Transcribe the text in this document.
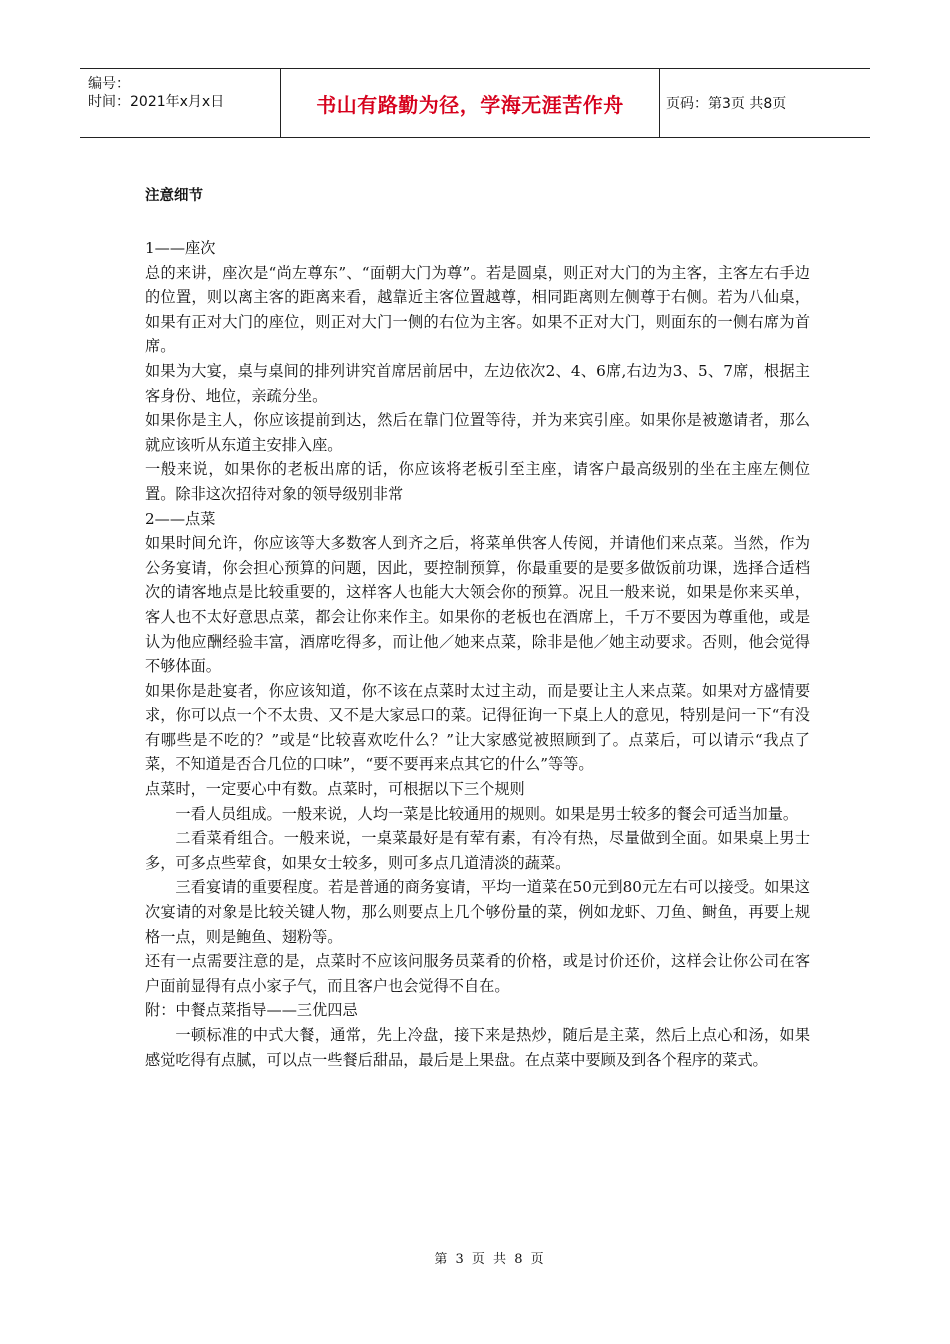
编号：
时间：2021年x月x日	书山有路勤为径，学海无涯苦作舟	页码：第3页 共8页
注意细节

1——座次

总的来讲，座次是“尚左尊东”、“面朝大门为尊”。若是圆桌，则正对大门的为主客，主客左右手边的位置，则以离主客的距离来看，越靠近主客位置越尊，相同距离则左侧尊于右侧。若为八仙桌，如果有正对大门的座位，则正对大门一侧的右位为主客。如果不正对大门，则面东的一侧右席为首席。

如果为大宴，桌与桌间的排列讲究首席居前居中，左边依次2、4、6席,右边为3、5、7席，根据主客身份、地位，亲疏分坐。

如果你是主人，你应该提前到达，然后在靠门位置等待，并为来宾引座。如果你是被邀请者，那么就应该听从东道主安排入座。

一般来说，如果你的老板出席的话，你应该将老板引至主座，请客户最高级别的坐在主座左侧位置。除非这次招待对象的领导级别非常

2——点菜

如果时间允许，你应该等大多数客人到齐之后，将菜单供客人传阅，并请他们来点菜。当然，作为公务宴请，你会担心预算的问题，因此，要控制预算，你最重要的是要多做饭前功课，选择合适档次的请客地点是比较重要的，这样客人也能大大领会你的预算。况且一般来说，如果是你来买单，客人也不太好意思点菜，都会让你来作主。如果你的老板也在酒席上，千万不要因为尊重他，或是认为他应酬经验丰富，酒席吃得多，而让他／她来点菜，除非是他／她主动要求。否则，他会觉得不够体面。

如果你是赴宴者，你应该知道，你不该在点菜时太过主动，而是要让主人来点菜。如果对方盛情要求，你可以点一个不太贵、又不是大家忌口的菜。记得征询一下桌上人的意见，特别是问一下“有没有哪些是不吃的？”或是“比较喜欢吃什么？”让大家感觉被照顾到了。点菜后，可以请示“我点了菜，不知道是否合几位的口味”，“要不要再来点其它的什么”等等。

点菜时，一定要心中有数。点菜时，可根据以下三个规则

一看人员组成。一般来说，人均一菜是比较通用的规则。如果是男士较多的餐会可适当加量。

二看菜肴组合。一般来说，一桌菜最好是有荤有素，有冷有热，尽量做到全面。如果桌上男士多，可多点些荤食，如果女士较多，则可多点几道清淡的蔬菜。

三看宴请的重要程度。若是普通的商务宴请，平均一道菜在50元到80元左右可以接受。如果这次宴请的对象是比较关键人物，那么则要点上几个够份量的菜，例如龙虾、刀鱼、鲥鱼，再要上规格一点，则是鲍鱼、翅粉等。

还有一点需要注意的是，点菜时不应该问服务员菜肴的价格，或是讨价还价，这样会让你公司在客户面前显得有点小家子气，而且客户也会觉得不自在。

附：中餐点菜指导——三优四忌

一顿标准的中式大餐，通常，先上冷盘，接下来是热炒，随后是主菜，然后上点心和汤，如果感觉吃得有点腻，可以点一些餐后甜品，最后是上果盘。在点菜中要顾及到各个程序的菜式。

第 3 页 共 8 页
